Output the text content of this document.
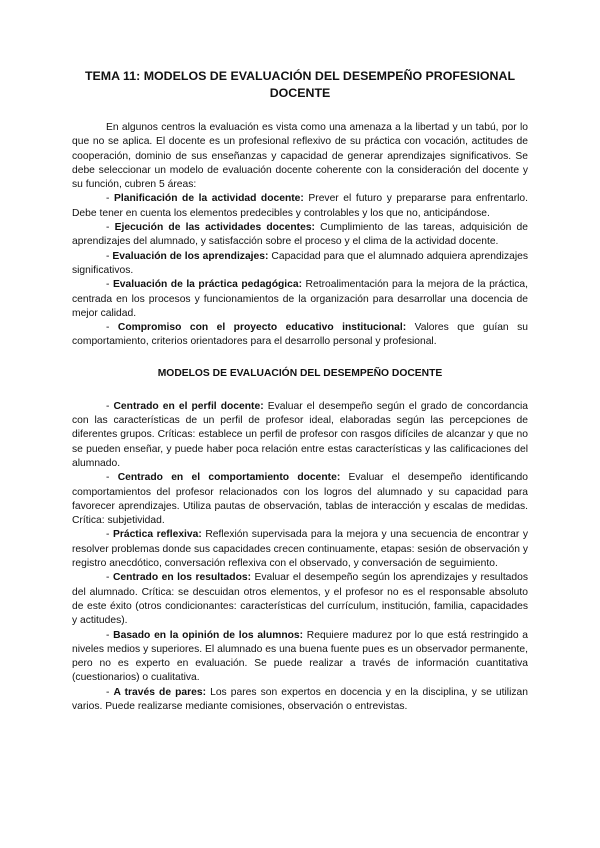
TEMA 11: MODELOS DE EVALUACIÓN DEL DESEMPEÑO PROFESIONAL DOCENTE

En algunos centros la evaluación es vista como una amenaza a la libertad y un tabú, por lo que no se aplica. El docente es un profesional reflexivo de su práctica con vocación, actitudes de cooperación, dominio de sus enseñanzas y capacidad de generar aprendizajes significativos. Se debe seleccionar un modelo de evaluación docente coherente con la consideración del docente y su función, cubren 5 áreas:

- Planificación de la actividad docente: Prever el futuro y prepararse para enfrentarlo. Debe tener en cuenta los elementos predecibles y controlables y los que no, anticipándose.

- Ejecución de las actividades docentes: Cumplimiento de las tareas, adquisición de aprendizajes del alumnado, y satisfacción sobre el proceso y el clima de la actividad docente.

- Evaluación de los aprendizajes: Capacidad para que el alumnado adquiera aprendizajes significativos.

- Evaluación de la práctica pedagógica: Retroalimentación para la mejora de la práctica, centrada en los procesos y funcionamientos de la organización para desarrollar una docencia de mejor calidad.

- Compromiso con el proyecto educativo institucional: Valores que guían su comportamiento, criterios orientadores para el desarrollo personal y profesional.

MODELOS DE EVALUACIÓN DEL DESEMPEÑO DOCENTE

- Centrado en el perfil docente: Evaluar el desempeño según el grado de concordancia con las características de un perfil de profesor ideal, elaboradas según las percepciones de diferentes grupos. Críticas: establece un perfil de profesor con rasgos difíciles de alcanzar y que no se pueden enseñar, y puede haber poca relación entre estas características y las calificaciones del alumnado.

- Centrado en el comportamiento docente: Evaluar el desempeño identificando comportamientos del profesor relacionados con los logros del alumnado y su capacidad para favorecer aprendizajes. Utiliza pautas de observación, tablas de interacción y escalas de medidas. Crítica: subjetividad.

- Práctica reflexiva: Reflexión supervisada para la mejora y una secuencia de encontrar y resolver problemas donde sus capacidades crecen continuamente, etapas: sesión de observación y registro anecdótico, conversación reflexiva con el observado, y conversación de seguimiento.

- Centrado en los resultados: Evaluar el desempeño según los aprendizajes y resultados del alumnado. Crítica: se descuidan otros elementos, y el profesor no es el responsable absoluto de este éxito (otros condicionantes: características del currículum, institución, familia, capacidades y actitudes).

- Basado en la opinión de los alumnos: Requiere madurez por lo que está restringido a niveles medios y superiores. El alumnado es una buena fuente pues es un observador permanente, pero no es experto en evaluación. Se puede realizar a través de información cuantitativa (cuestionarios) o cualitativa.

- A través de pares: Los pares son expertos en docencia y en la disciplina, y se utilizan varios. Puede realizarse mediante comisiones, observación o entrevistas.
